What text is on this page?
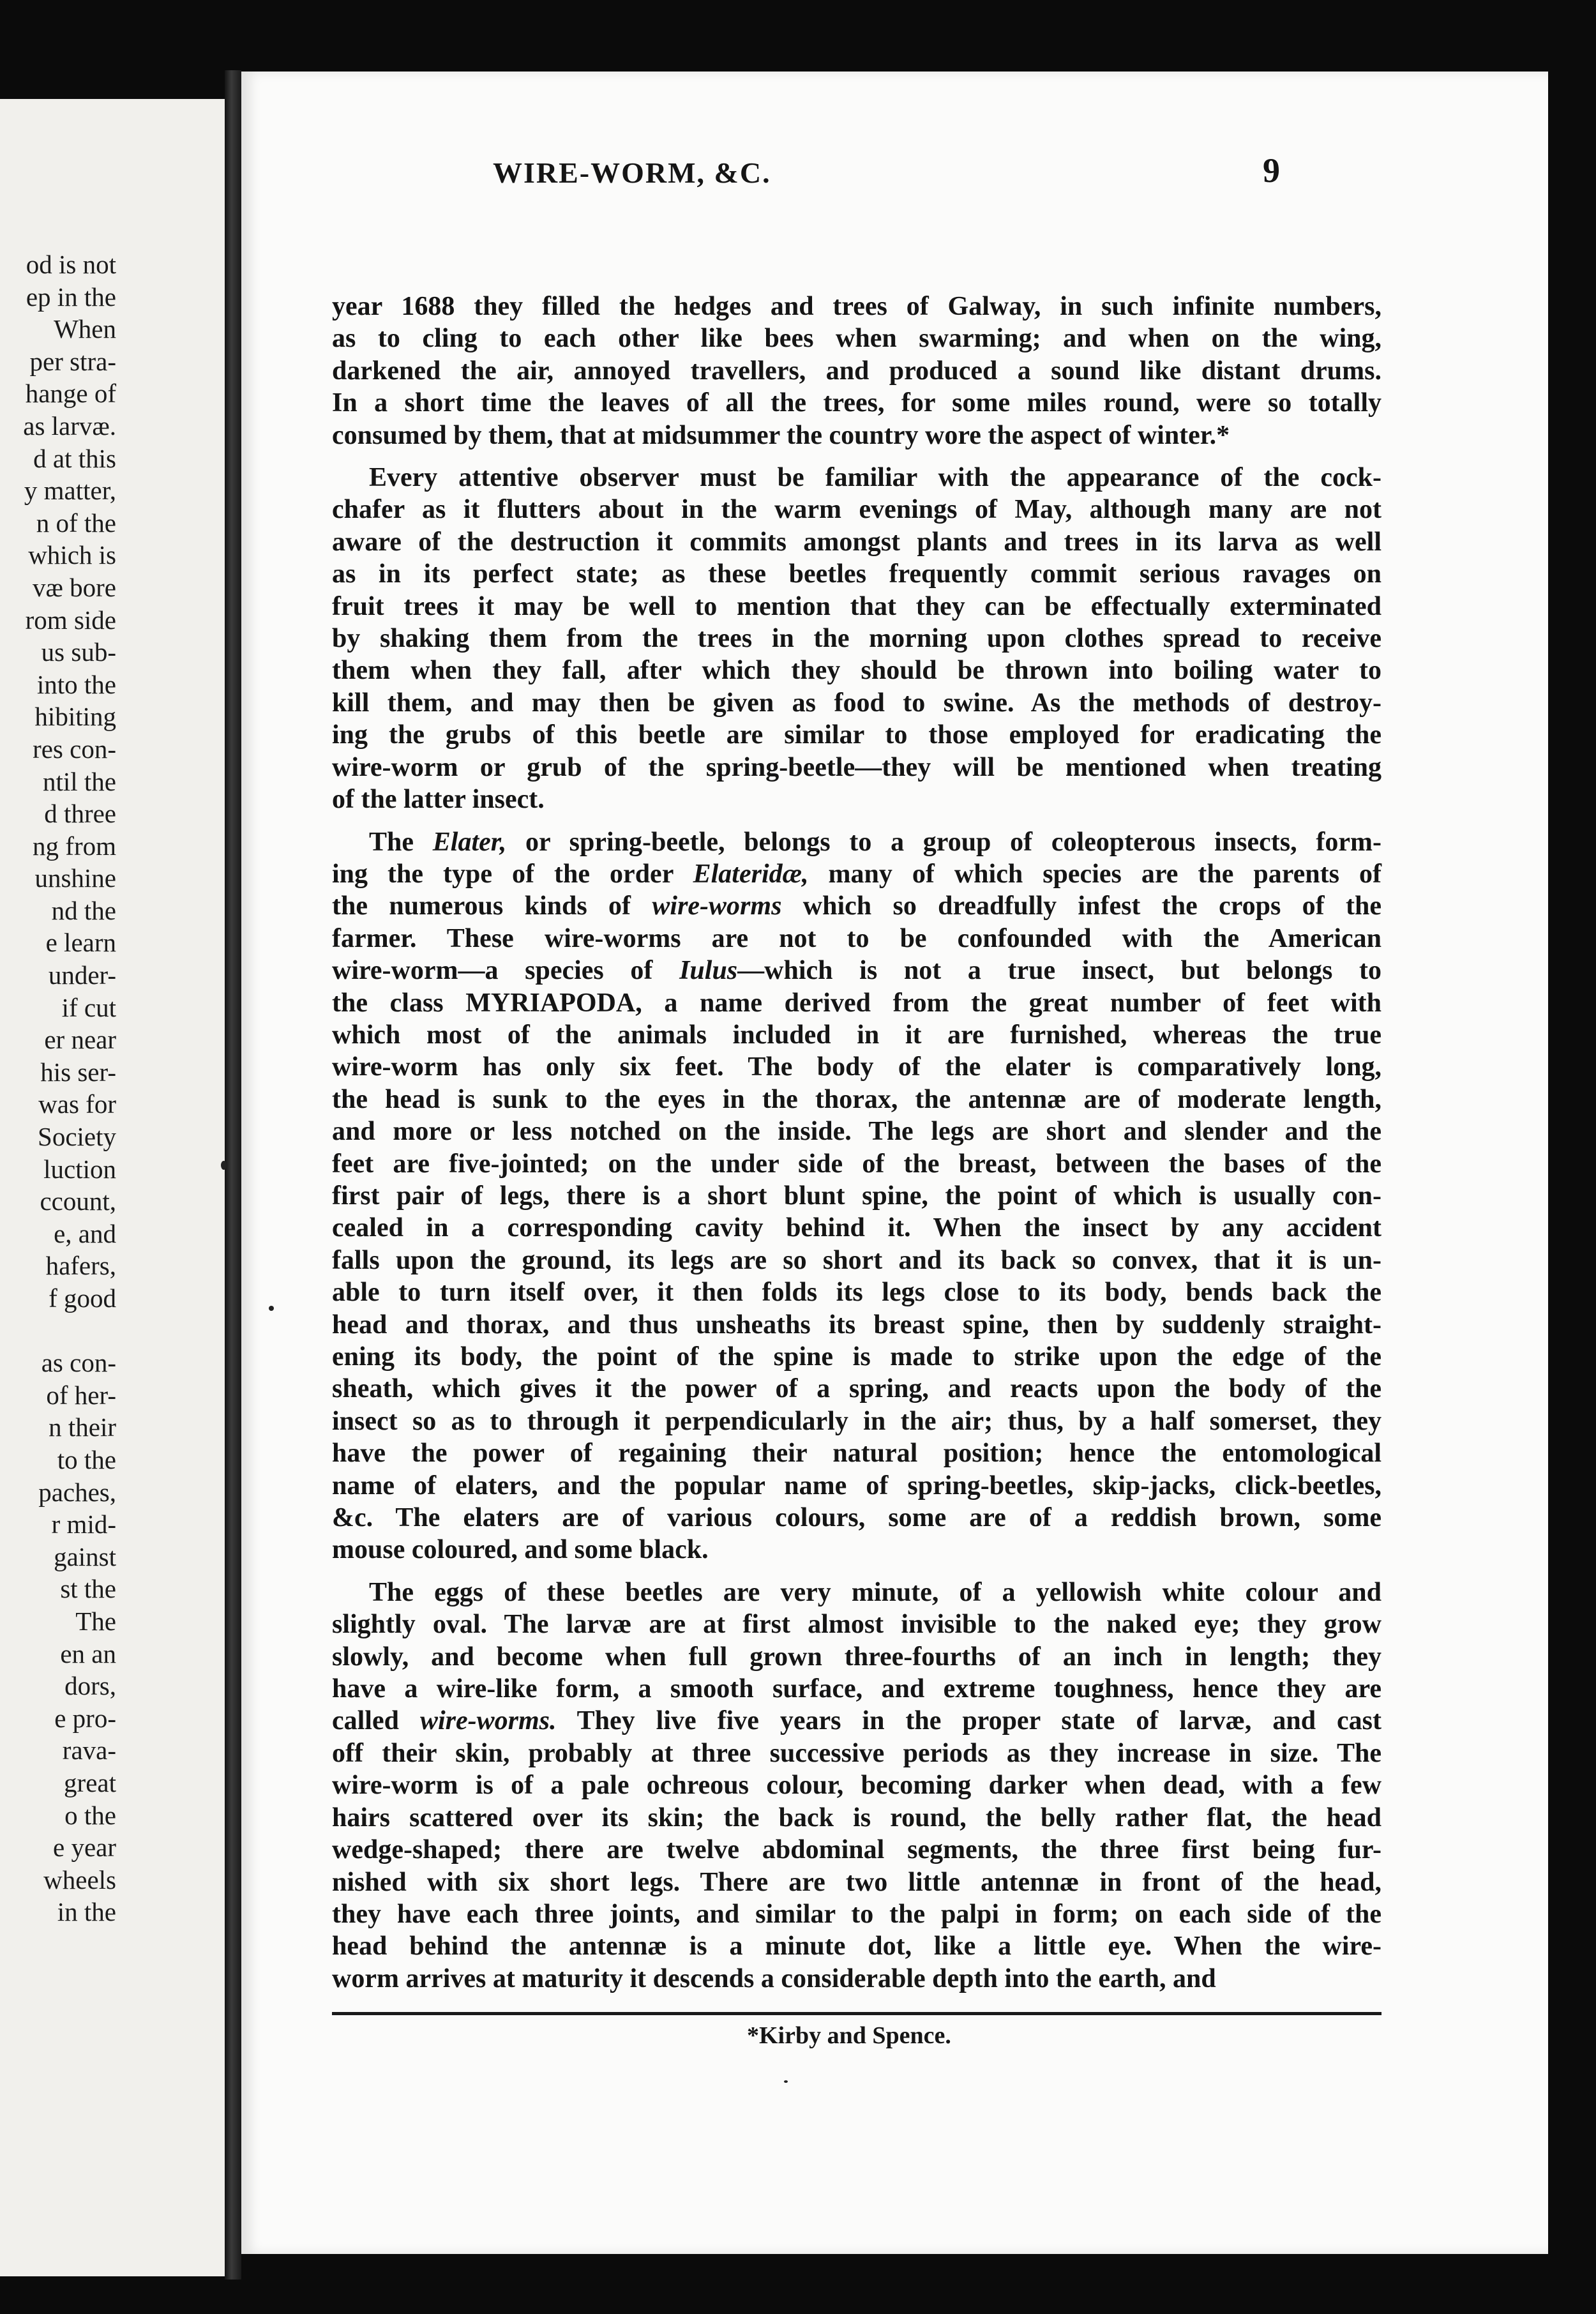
od is not
ep in the
When
per stra-
hange of
as larvæ.
d at this
y matter,
n of the
which is
væ bore
rom side
us sub-
into the
hibiting
res con-
ntil the
d three
ng from
unshine
nd the
e learn
under-
if cut
er near
his ser-
was for
Society
luction
ccount,
e, and
hafers,
f good

as con-
of her-
n their
to the
paches,
r mid-
gainst
st the
The
en an
dors,
e pro-
rava-
great
o the
e year
wheels
in the
WIRE-WORM, &C.	9
year 1688 they filled the hedges and trees of Galway, in such infinite numbers,
as to cling to each other like bees when swarming; and when on the wing,
darkened the air, annoyed travellers, and produced a sound like distant drums.
In a short time the leaves of all the trees, for some miles round, were so totally
consumed by them, that at midsummer the country wore the aspect of winter.*
Every attentive observer must be familiar with the appearance of the cock-
chafer as it flutters about in the warm evenings of May, although many are not
aware of the destruction it commits amongst plants and trees in its larva as well
as in its perfect state; as these beetles frequently commit serious ravages on
fruit trees it may be well to mention that they can be effectually exterminated
by shaking them from the trees in the morning upon clothes spread to receive
them when they fall, after which they should be thrown into boiling water to
kill them, and may then be given as food to swine. As the methods of destroy-
ing the grubs of this beetle are similar to those employed for eradicating the
wire-worm or grub of the spring-beetle—they will be mentioned when treating
of the latter insect.
The Elater, or spring-beetle, belongs to a group of coleopterous insects, form-
ing the type of the order Elateridæ, many of which species are the parents of
the numerous kinds of wire-worms which so dreadfully infest the crops of the
farmer. These wire-worms are not to be confounded with the American
wire-worm—a species of Iulus—which is not a true insect, but belongs to
the class MYRIAPODA, a name derived from the great number of feet with
which most of the animals included in it are furnished, whereas the true
wire-worm has only six feet. The body of the elater is comparatively long,
the head is sunk to the eyes in the thorax, the antennæ are of moderate length,
and more or less notched on the inside. The legs are short and slender and the
feet are five-jointed; on the under side of the breast, between the bases of the
first pair of legs, there is a short blunt spine, the point of which is usually con-
cealed in a corresponding cavity behind it. When the insect by any accident
falls upon the ground, its legs are so short and its back so convex, that it is un-
able to turn itself over, it then folds its legs close to its body, bends back the
head and thorax, and thus unsheaths its breast spine, then by suddenly straight-
ening its body, the point of the spine is made to strike upon the edge of the
sheath, which gives it the power of a spring, and reacts upon the body of the
insect so as to through it perpendicularly in the air; thus, by a half somerset, they
have the power of regaining their natural position; hence the entomological
name of elaters, and the popular name of spring-beetles, skip-jacks, click-beetles,
&c. The elaters are of various colours, some are of a reddish brown, some
mouse coloured, and some black.
The eggs of these beetles are very minute, of a yellowish white colour and
slightly oval. The larvæ are at first almost invisible to the naked eye; they grow
slowly, and become when full grown three-fourths of an inch in length; they
have a wire-like form, a smooth surface, and extreme toughness, hence they are
called wire-worms. They live five years in the proper state of larvæ, and cast
off their skin, probably at three successive periods as they increase in size. The
wire-worm is of a pale ochreous colour, becoming darker when dead, with a few
hairs scattered over its skin; the back is round, the belly rather flat, the head
wedge-shaped; there are twelve abdominal segments, the three first being fur-
nished with six short legs. There are two little antennæ in front of the head,
they have each three joints, and similar to the palpi in form; on each side of the
head behind the antennæ is a minute dot, like a little eye. When the wire-
worm arrives at maturity it descends a considerable depth into the earth, and
*Kirby and Spence.
